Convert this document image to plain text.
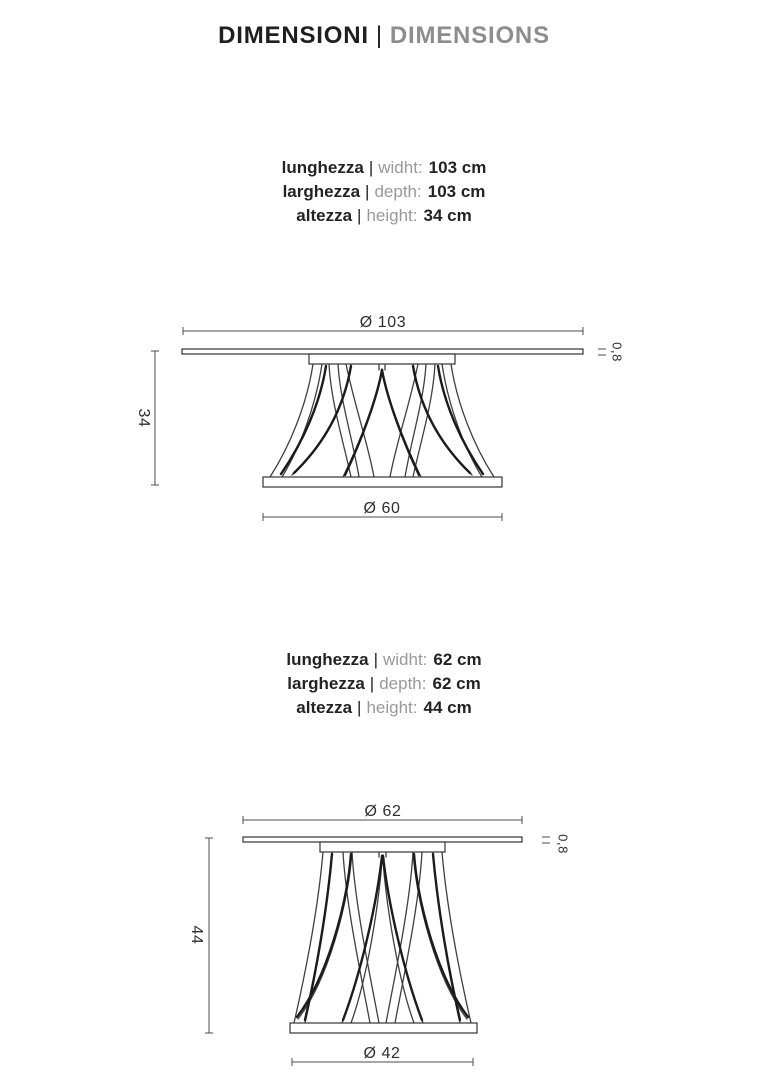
DIMENSIONI | DIMENSIONS
lunghezza | widht: 103 cm
larghezza | depth: 103 cm
altezza | height: 34 cm
Ø 103
Ø 60
34
0,8
lunghezza | widht: 62 cm
larghezza | depth: 62 cm
altezza | height: 44 cm
Ø 62
Ø 42
44
0,8
